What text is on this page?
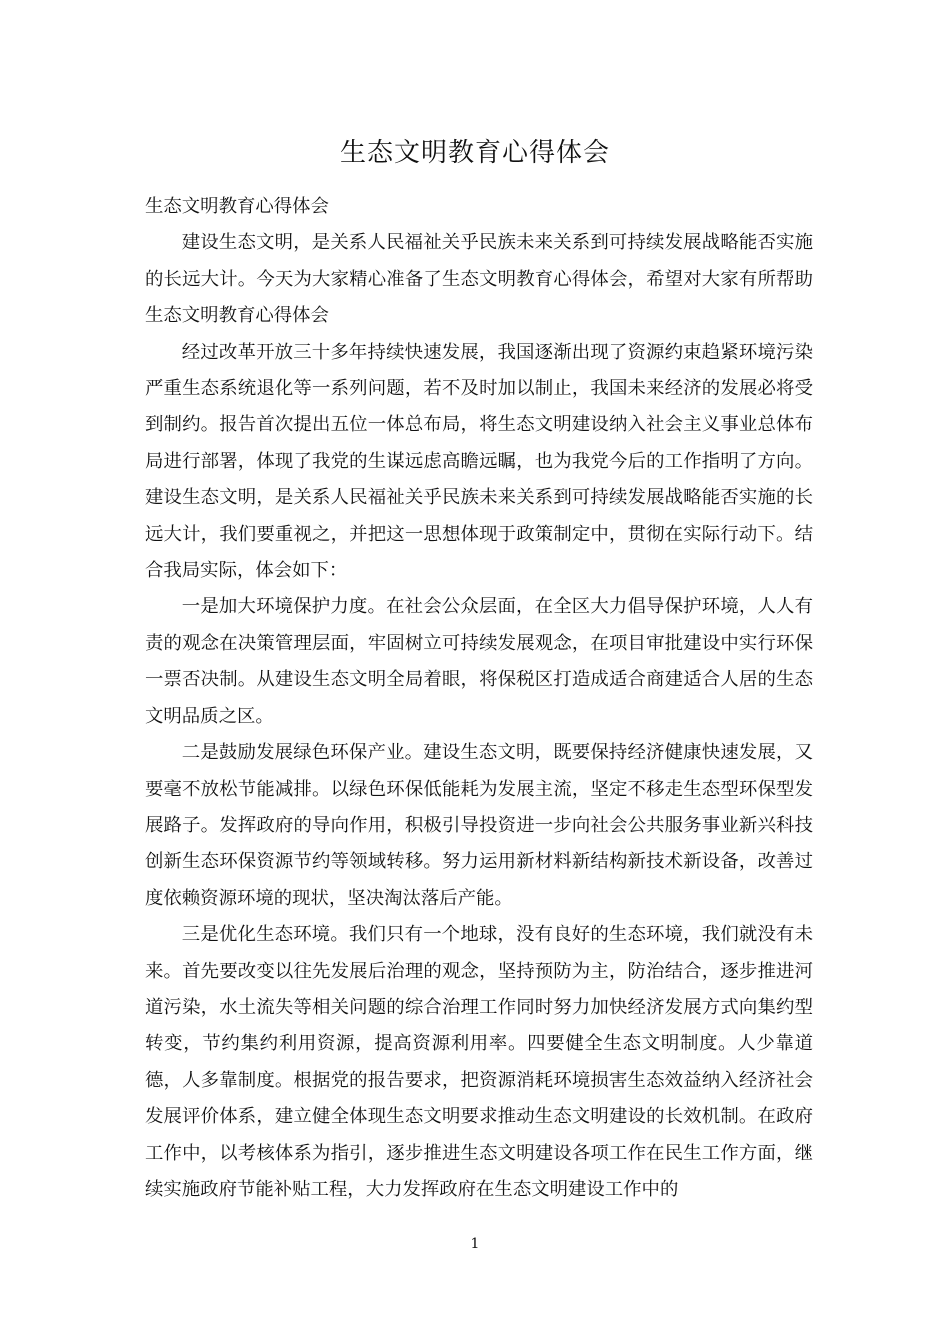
生态文明教育心得体会

生态文明教育心得体会

建设生态文明，是关系人民福祉关乎民族未来关系到可持续发展战略能否实施的长远大计。今天为大家精心准备了生态文明教育心得体会，希望对大家有所帮助生态文明教育心得体会

经过改革开放三十多年持续快速发展，我国逐渐出现了资源约束趋紧环境污染严重生态系统退化等一系列问题，若不及时加以制止，我国未来经济的发展必将受到制约。报告首次提出五位一体总布局，将生态文明建设纳入社会主义事业总体布局进行部署，体现了我党的生谋远虑高瞻远瞩，也为我党今后的工作指明了方向。建设生态文明，是关系人民福祉关乎民族未来关系到可持续发展战略能否实施的长远大计，我们要重视之，并把这一思想体现于政策制定中，贯彻在实际行动下。结合我局实际，体会如下：

一是加大环境保护力度。在社会公众层面，在全区大力倡导保护环境，人人有责的观念在决策管理层面，牢固树立可持续发展观念，在项目审批建设中实行环保一票否决制。从建设生态文明全局着眼，将保税区打造成适合商建适合人居的生态文明品质之区。

二是鼓励发展绿色环保产业。建设生态文明，既要保持经济健康快速发展，又要毫不放松节能减排。以绿色环保低能耗为发展主流，坚定不移走生态型环保型发展路子。发挥政府的导向作用，积极引导投资进一步向社会公共服务事业新兴科技创新生态环保资源节约等领域转移。努力运用新材料新结构新技术新设备，改善过度依赖资源环境的现状，坚决淘汰落后产能。

三是优化生态环境。我们只有一个地球，没有良好的生态环境，我们就没有未来。首先要改变以往先发展后治理的观念，坚持预防为主，防治结合，逐步推进河道污染，水土流失等相关问题的综合治理工作同时努力加快经济发展方式向集约型转变，节约集约利用资源，提高资源利用率。四要健全生态文明制度。人少靠道德，人多靠制度。根据党的报告要求，把资源消耗环境损害生态效益纳入经济社会发展评价体系，建立健全体现生态文明要求推动生态文明建设的长效机制。在政府工作中，以考核体系为指引，逐步推进生态文明建设各项工作在民生工作方面，继续实施政府节能补贴工程，大力发挥政府在生态文明建设工作中的

1
